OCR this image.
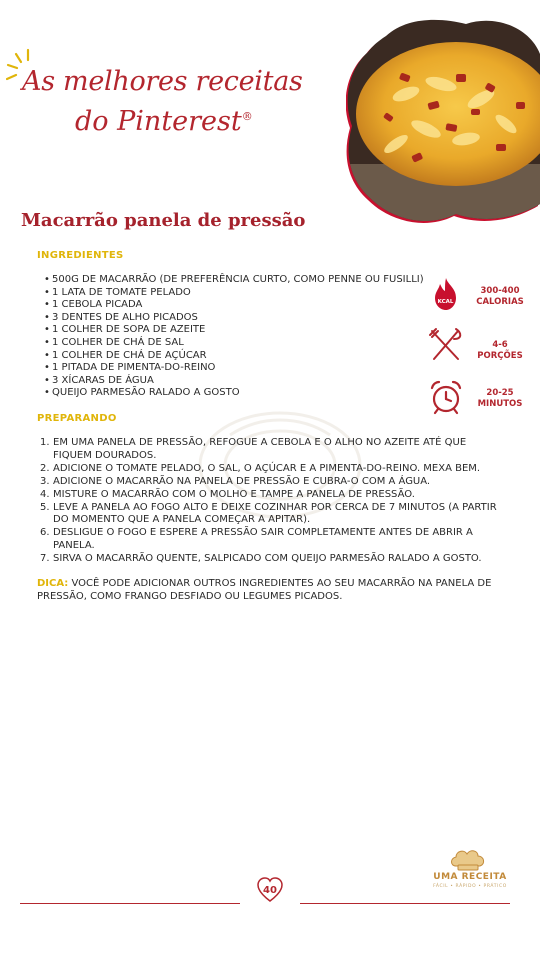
As melhores receitas
do Pinterest®
Macarrão panela de pressão
INGREDIENTES
• 500G DE MACARRÃO (DE PREFERÊNCIA CURTO, COMO PENNE OU FUSILLI)
• 1 LATA DE TOMATE PELADO
• 1 CEBOLA PICADA
• 3 DENTES DE ALHO PICADOS
• 1 COLHER DE SOPA DE AZEITE
• 1 COLHER DE CHÁ DE SAL
• 1 COLHER DE CHÁ DE AÇÚCAR
• 1 PITADA DE PIMENTA-DO-REINO
• 3 XÍCARAS DE ÁGUA
• QUEIJO PARMESÃO RALADO A GOSTO
KCAL
300-400
CALORIAS
4-6
PORÇÕES
20-25
MINUTOS
PREPARANDO
1. EM UMA PANELA DE PRESSÃO, REFOGUE A CEBOLA E O ALHO NO AZEITE ATÉ QUE FIQUEM DOURADOS.
2. ADICIONE O TOMATE PELADO, O SAL, O AÇÚCAR E A PIMENTA-DO-REINO. MEXA BEM.
3. ADICIONE O MACARRÃO NA PANELA DE PRESSÃO E CUBRA-O COM A ÁGUA.
4. MISTURE O MACARRÃO COM O MOLHO E TAMPE A PANELA DE PRESSÃO.
5. LEVE A PANELA AO FOGO ALTO E DEIXE COZINHAR POR CERCA DE 7 MINUTOS (A PARTIR DO MOMENTO QUE A PANELA COMEÇAR A APITAR).
6. DESLIGUE O FOGO E ESPERE A PRESSÃO SAIR COMPLETAMENTE ANTES DE ABRIR A PANELA.
7. SIRVA O MACARRÃO QUENTE, SALPICADO COM QUEIJO PARMESÃO RALADO A GOSTO.
DICA: VOCÊ PODE ADICIONAR OUTROS INGREDIENTES AO SEU MACARRÃO NA PANELA DE PRESSÃO, COMO FRANGO DESFIADO OU LEGUMES PICADOS.
40
UMA RECEITA
FÁCIL • RÁPIDO • PRÁTICO
